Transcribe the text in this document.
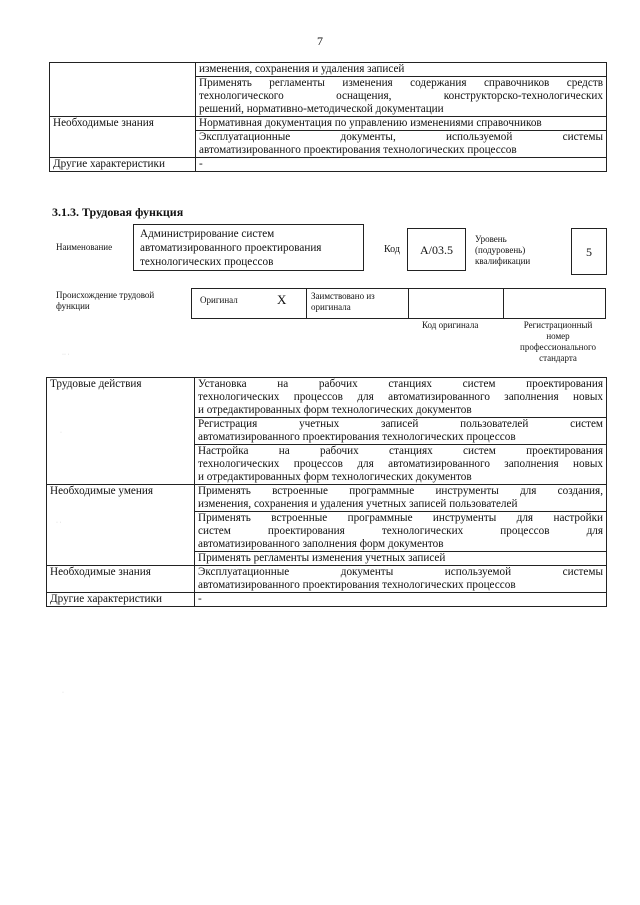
7
	изменения, сохранения и удаления записей

	Применять регламенты изменения содержания справочников средств
технологического оснащения, конструкторско-технологических
решений, нормативно-методической документации

Необходимые знания	Нормативная документация по управлению изменениями справочников

	Эксплуатационные документы, используемой системы
автоматизированного проектирования технологических процессов

Другие характеристики	-
3.1.3. Трудовая функция
Наименование
Администрирование систем
автоматизированного проектирования
технологических процессов
Код	А/03.5
Уровень
(подуровень)
квалификации
5
Происхождение трудовой
функции
Оригинал	X	Заимствовано из
оригинала
Код оригинала	Регистрационный
номер
профессионального
стандарта
Трудовые действия	Установка на рабочих станциях систем проектирования
технологических процессов для автоматизированного заполнения новых
и отредактированных форм технологических документов

	Регистрация учетных записей пользователей систем
автоматизированного проектирования технологических процессов

	Настройка на рабочих станциях систем проектирования
технологических процессов для автоматизированного заполнения новых
и отредактированных форм технологических документов

Необходимые умения	Применять встроенные программные инструменты для создания,
изменения, сохранения и удаления учетных записей пользователей

	Применять встроенные программные инструменты для настройки
систем проектирования технологических процессов для
автоматизированного заполнения форм документов

	Применять регламенты изменения учетных записей
Необходимые знания	Эксплуатационные документы используемой системы
автоматизированного проектирования технологических процессов

Другие характеристики	-
·· ·
·
· ·
·
